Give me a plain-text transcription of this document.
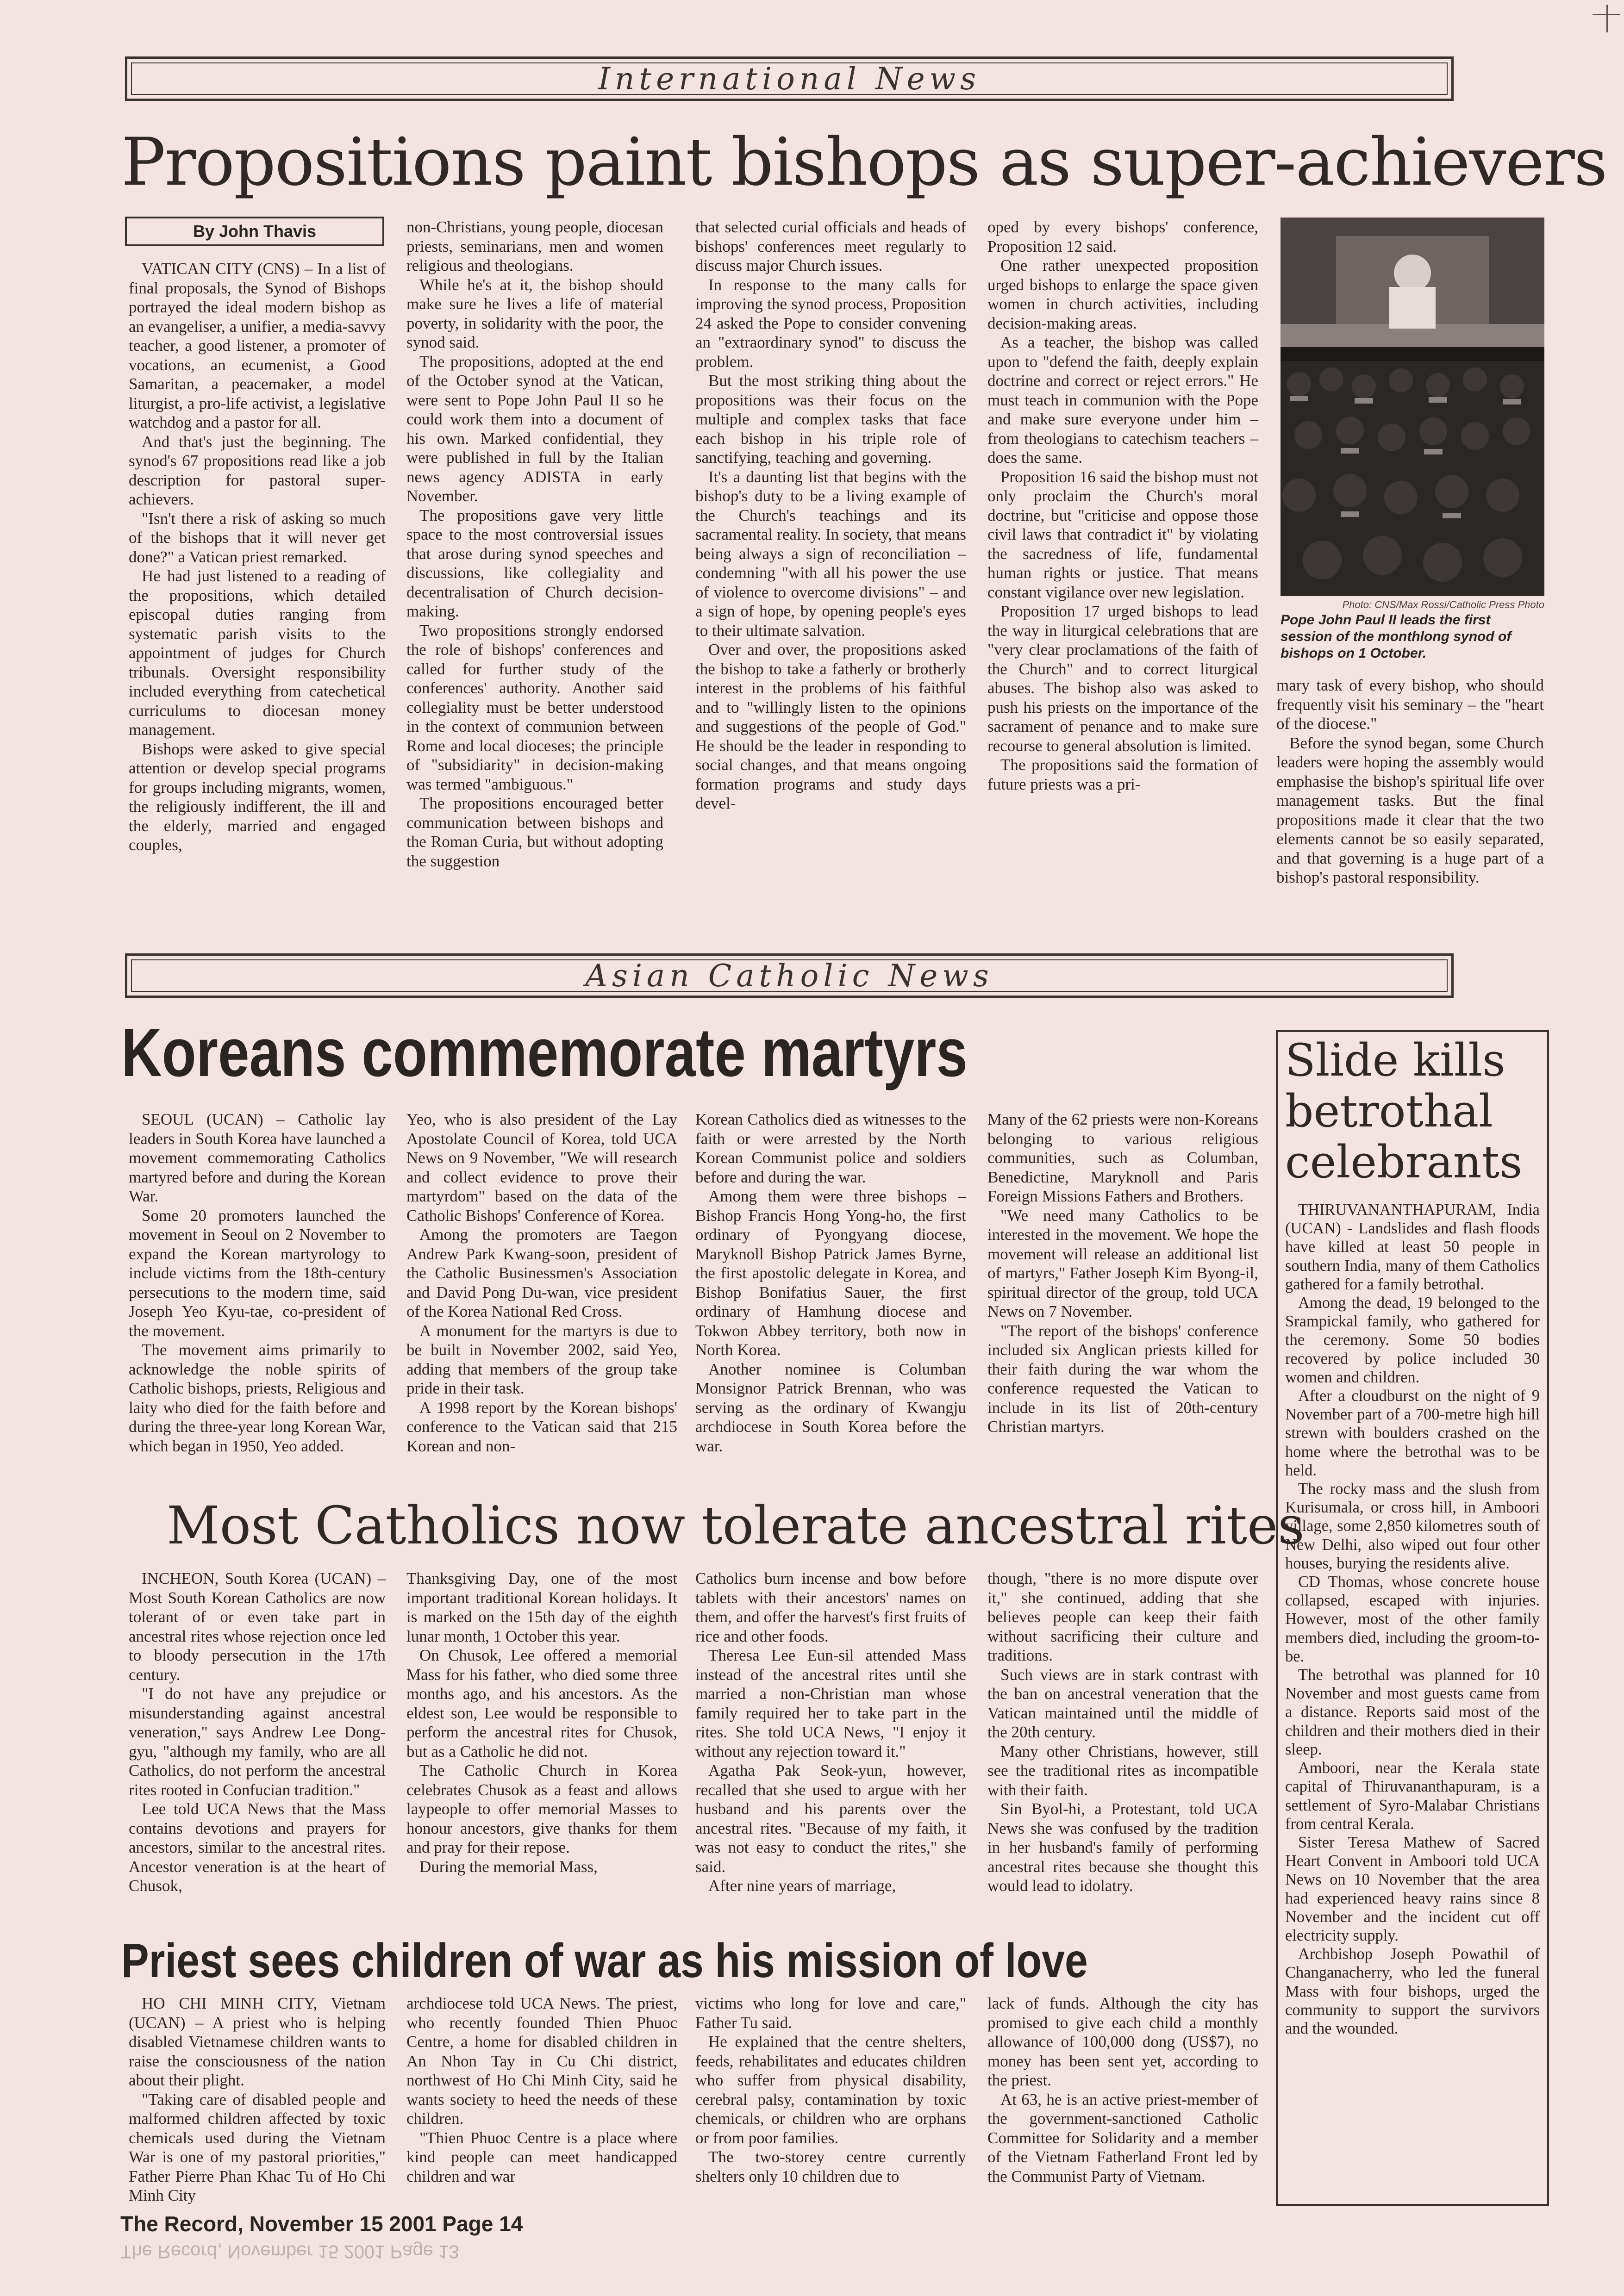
International News
Propositions paint bishops as super-achievers
By John Thavis

VATICAN CITY (CNS) – In a list of final proposals, the Synod of Bishops portrayed the ideal modern bishop as an evangeliser, a unifier, a media-savvy teacher, a good listener, a promoter of vocations, an ecumenist, a Good Samaritan, a peacemaker, a model liturgist, a pro-life activist, a legislative watchdog and a pastor for all.

And that's just the beginning. The synod's 67 propositions read like a job description for pastoral super-achievers.

"Isn't there a risk of asking so much of the bishops that it will never get done?" a Vatican priest remarked.

He had just listened to a reading of the propositions, which detailed episcopal duties ranging from systematic parish visits to the appointment of judges for Church tribunals. Oversight responsibility included everything from catechetical curriculums to diocesan money management.

Bishops were asked to give special attention or develop special programs for groups including migrants, women, the religiously indifferent, the ill and the elderly, married and engaged couples,

non-Christians, young people, diocesan priests, seminarians, men and women religious and theologians.

While he's at it, the bishop should make sure he lives a life of material poverty, in solidarity with the poor, the synod said.

The propositions, adopted at the end of the October synod at the Vatican, were sent to Pope John Paul II so he could work them into a document of his own. Marked confidential, they were published in full by the Italian news agency ADISTA in early November.

The propositions gave very little space to the most controversial issues that arose during synod speeches and discussions, like collegiality and decentralisation of Church decision-making.

Two propositions strongly endorsed the role of bishops' conferences and called for further study of the conferences' authority. Another said collegiality must be better understood in the context of communion between Rome and local dioceses; the principle of "subsidiarity" in decision-making was termed "ambiguous."

The propositions encouraged better communication between bishops and the Roman Curia, but without adopting the suggestion

that selected curial officials and heads of bishops' conferences meet regularly to discuss major Church issues.

In response to the many calls for improving the synod process, Proposition 24 asked the Pope to consider convening an "extraordinary synod" to discuss the problem.

But the most striking thing about the propositions was their focus on the multiple and complex tasks that face each bishop in his triple role of sanctifying, teaching and governing.

It's a daunting list that begins with the bishop's duty to be a living example of the Church's teachings and its sacramental reality. In society, that means being always a sign of reconciliation – condemning "with all his power the use of violence to overcome divisions" – and a sign of hope, by opening people's eyes to their ultimate salvation.

Over and over, the propositions asked the bishop to take a fatherly or brotherly interest in the problems of his faithful and to "willingly listen to the opinions and suggestions of the people of God." He should be the leader in responding to social changes, and that means ongoing formation programs and study days devel-

oped by every bishops' conference, Proposition 12 said.

One rather unexpected proposition urged bishops to enlarge the space given women in church activities, including decision-making areas.

As a teacher, the bishop was called upon to "defend the faith, deeply explain doctrine and correct or reject errors." He must teach in communion with the Pope and make sure everyone under him – from theologians to catechism teachers – does the same.

Proposition 16 said the bishop must not only proclaim the Church's moral doctrine, but "criticise and oppose those civil laws that contradict it" by violating the sacredness of life, fundamental human rights or justice. That means constant vigilance over new legislation.

Proposition 17 urged bishops to lead the way in liturgical celebrations that are "very clear proclamations of the faith of the Church" and to correct liturgical abuses. The bishop also was asked to push his priests on the importance of the sacrament of penance and to make sure recourse to general absolution is limited.

The propositions said the formation of future priests was a pri-

Photo: CNS/Max Rossi/Catholic Press Photo
Pope John Paul II leads the first session of the monthlong synod of bishops on 1 October.

mary task of every bishop, who should frequently visit his seminary – the "heart of the diocese."

Before the synod began, some Church leaders were hoping the assembly would emphasise the bishop's spiritual life over management tasks. But the final propositions made it clear that the two elements cannot be so easily separated, and that governing is a huge part of a bishop's pastoral responsibility.

Asian Catholic News
Koreans commemorate martyrs

SEOUL (UCAN) – Catholic lay leaders in South Korea have launched a movement commemorating Catholics martyred before and during the Korean War.

Some 20 promoters launched the movement in Seoul on 2 November to expand the Korean martyrology to include victims from the 18th-century persecutions to the modern time, said Joseph Yeo Kyu-tae, co-president of the movement.

The movement aims primarily to acknowledge the noble spirits of Catholic bishops, priests, Religious and laity who died for the faith before and during the three-year long Korean War, which began in 1950, Yeo added.

Yeo, who is also president of the Lay Apostolate Council of Korea, told UCA News on 9 November, "We will research and collect evidence to prove their martyrdom" based on the data of the Catholic Bishops' Conference of Korea.

Among the promoters are Taegon Andrew Park Kwang-soon, president of the Catholic Businessmen's Association and David Pong Du-wan, vice president of the Korea National Red Cross.

A monument for the martyrs is due to be built in November 2002, said Yeo, adding that members of the group take pride in their task.

A 1998 report by the Korean bishops' conference to the Vatican said that 215 Korean and non-

Korean Catholics died as witnesses to the faith or were arrested by the North Korean Communist police and soldiers before and during the war.

Among them were three bishops – Bishop Francis Hong Yong-ho, the first ordinary of Pyongyang diocese, Maryknoll Bishop Patrick James Byrne, the first apostolic delegate in Korea, and Bishop Bonifatius Sauer, the first ordinary of Hamhung diocese and Tokwon Abbey territory, both now in North Korea.

Another nominee is Columban Monsignor Patrick Brennan, who was serving as the ordinary of Kwangju archdiocese in South Korea before the war.

Many of the 62 priests were non-Koreans belonging to various religious communities, such as Columban, Benedictine, Maryknoll and Paris Foreign Missions Fathers and Brothers.

"We need many Catholics to be interested in the movement. We hope the movement will release an additional list of martyrs," Father Joseph Kim Byong-il, spiritual director of the group, told UCA News on 7 November.

"The report of the bishops' conference included six Anglican priests killed for their faith during the war whom the conference requested the Vatican to include in its list of 20th-century Christian martyrs.

Most Catholics now tolerate ancestral rites

INCHEON, South Korea (UCAN) – Most South Korean Catholics are now tolerant of or even take part in ancestral rites whose rejection once led to bloody persecution in the 17th century.

"I do not have any prejudice or misunderstanding against ancestral veneration," says Andrew Lee Dong-gyu, "although my family, who are all Catholics, do not perform the ancestral rites rooted in Confucian tradition."

Lee told UCA News that the Mass contains devotions and prayers for ancestors, similar to the ancestral rites. Ancestor veneration is at the heart of Chusok,

Thanksgiving Day, one of the most important traditional Korean holidays. It is marked on the 15th day of the eighth lunar month, 1 October this year.

On Chusok, Lee offered a memorial Mass for his father, who died some three months ago, and his ancestors. As the eldest son, Lee would be responsible to perform the ancestral rites for Chusok, but as a Catholic he did not.

The Catholic Church in Korea celebrates Chusok as a feast and allows laypeople to offer memorial Masses to honour ancestors, give thanks for them and pray for their repose.

During the memorial Mass,

Catholics burn incense and bow before tablets with their ancestors' names on them, and offer the harvest's first fruits of rice and other foods.

Theresa Lee Eun-sil attended Mass instead of the ancestral rites until she married a non-Christian man whose family required her to take part in the rites. She told UCA News, "I enjoy it without any rejection toward it."

Agatha Pak Seok-yun, however, recalled that she used to argue with her husband and his parents over the ancestral rites. "Because of my faith, it was not easy to conduct the rites," she said.

After nine years of marriage,

though, "there is no more dispute over it," she continued, adding that she believes people can keep their faith without sacrificing their culture and traditions.

Such views are in stark contrast with the ban on ancestral veneration that the Vatican maintained until the middle of the 20th century.

Many other Christians, however, still see the traditional rites as incompatible with their faith.

Sin Byol-hi, a Protestant, told UCA News she was confused by the tradition in her husband's family of performing ancestral rites because she thought this would lead to idolatry.

Priest sees children of war as his mission of love

HO CHI MINH CITY, Vietnam (UCAN) – A priest who is helping disabled Vietnamese children wants to raise the consciousness of the nation about their plight.

"Taking care of disabled people and malformed children affected by toxic chemicals used during the Vietnam War is one of my pastoral priorities," Father Pierre Phan Khac Tu of Ho Chi Minh City

archdiocese told UCA News. The priest, who recently founded Thien Phuoc Centre, a home for disabled children in An Nhon Tay in Cu Chi district, northwest of Ho Chi Minh City, said he wants society to heed the needs of these children.

"Thien Phuoc Centre is a place where kind people can meet handicapped children and war

victims who long for love and care," Father Tu said.

He explained that the centre shelters, feeds, rehabilitates and educates children who suffer from physical disability, cerebral palsy, contamination by toxic chemicals, or children who are orphans or from poor families.

The two-storey centre currently shelters only 10 children due to

lack of funds. Although the city has promised to give each child a monthly allowance of 100,000 dong (US$7), no money has been sent yet, according to the priest.

At 63, he is an active priest-member of the government-sanctioned Catholic Committee for Solidarity and a member of the Vietnam Fatherland Front led by the Communist Party of Vietnam.

Slide kills betrothal celebrants

THIRUVANANTHAPURAM, India (UCAN) - Landslides and flash floods have killed at least 50 people in southern India, many of them Catholics gathered for a family betrothal.

Among the dead, 19 belonged to the Srampickal family, who gathered for the ceremony. Some 50 bodies recovered by police included 30 women and children.

After a cloudburst on the night of 9 November part of a 700-metre high hill strewn with boulders crashed on the home where the betrothal was to be held.

The rocky mass and the slush from Kurisumala, or cross hill, in Amboori village, some 2,850 kilometres south of New Delhi, also wiped out four other houses, burying the residents alive.

CD Thomas, whose concrete house collapsed, escaped with injuries. However, most of the other family members died, including the groom-to-be.

The betrothal was planned for 10 November and most guests came from a distance. Reports said most of the children and their mothers died in their sleep.

Amboori, near the Kerala state capital of Thiruvananthapuram, is a settlement of Syro-Malabar Christians from central Kerala.

Sister Teresa Mathew of Sacred Heart Convent in Amboori told UCA News on 10 November that the area had experienced heavy rains since 8 November and the incident cut off electricity supply.

Archbishop Joseph Powathil of Changanacherry, who led the funeral Mass with four bishops, urged the community to support the survivors and the wounded.

The Record, November 15 2001 Page 14
The Record, November 15 2001 Page 13
